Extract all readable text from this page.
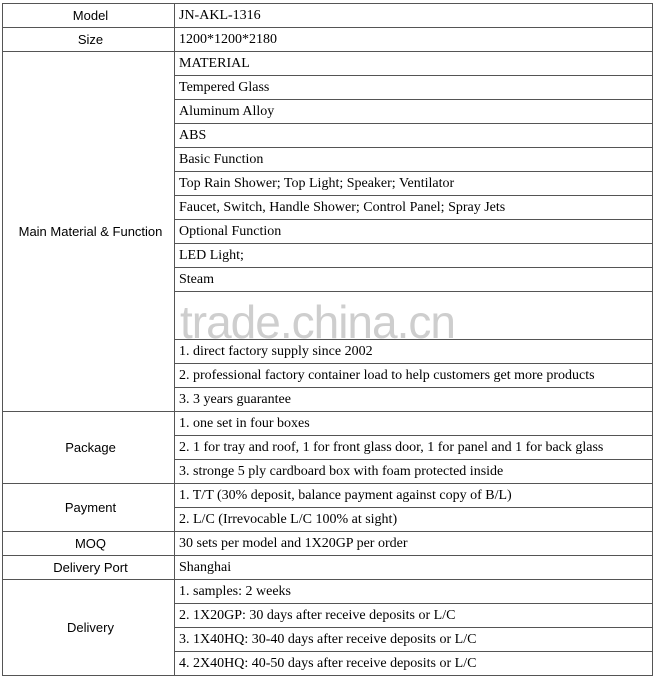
Model	JN-AKL-1316
Size	1200*1200*2180
Main Material & Function	MATERIAL
	Tempered Glass
	Aluminum Alloy
	ABS
	Basic Function
	Top Rain Shower; Top Light; Speaker; Ventilator
	Faucet, Switch, Handle Shower; Control Panel; Spray Jets
	Optional Function
	LED Light;
	Steam

	1. direct factory supply since 2002
	2. professional factory container load to help customers get more products
	3. 3 years guarantee
Package	1. one set in four boxes
	2. 1 for tray and roof, 1 for front glass door, 1 for panel and 1 for back glass
	3. stronge 5 ply cardboard box with foam protected inside
Payment	1. T/T (30% deposit, balance payment against copy of B/L)
	2. L/C (Irrevocable L/C 100% at sight)
MOQ	30 sets per model and 1X20GP per order
Delivery Port	Shanghai
Delivery	1. samples: 2 weeks
	2. 1X20GP: 30 days after receive deposits or L/C
	3. 1X40HQ: 30-40 days after receive deposits or L/C
	4. 2X40HQ: 40-50 days after receive deposits or L/C
trade.china.cn
